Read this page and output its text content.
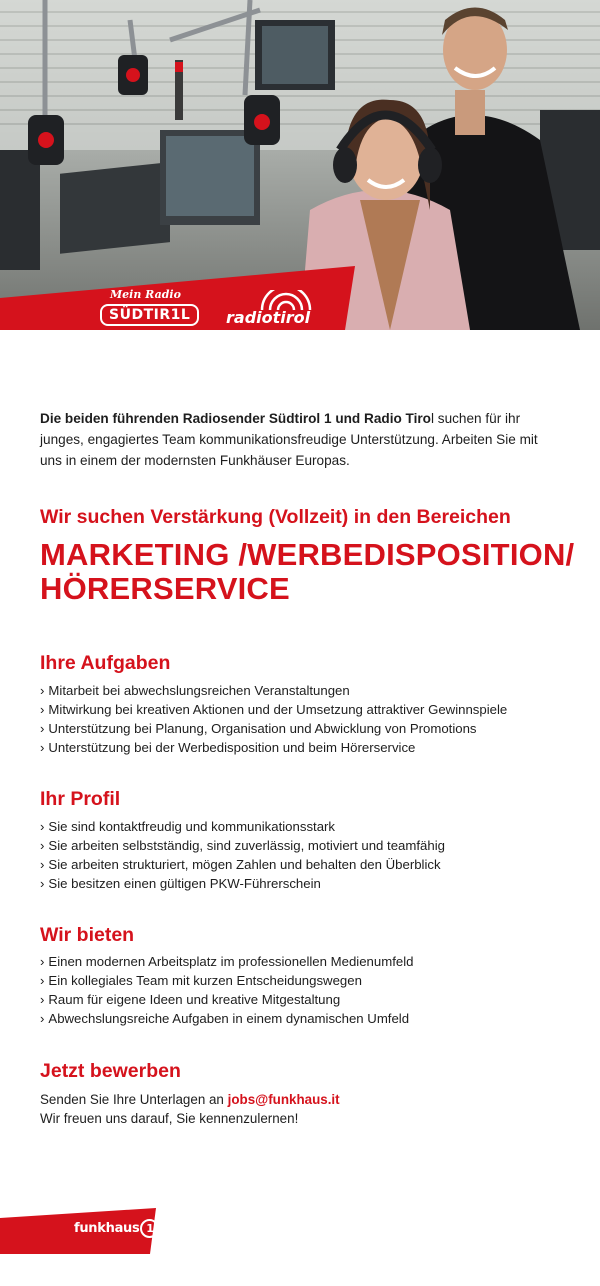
Mein Radio
SÜDTIR1L	radiotirol

Die beiden führenden Radiosender Südtirol 1 und Radio Tirol suchen für ihr junges, engagiertes Team kommunikationsfreudige Unterstützung. Arbeiten Sie mit uns in einem der modernsten Funkhäuser Europas.

Wir suchen Verstärkung (Vollzeit) in den Bereichen
MARKETING /WERBEDISPOSITION/
HÖRERSERVICE
Ihre Aufgaben
› Mitarbeit bei abwechslungsreichen Veranstaltungen
› Mitwirkung bei kreativen Aktionen und der Umsetzung attraktiver Gewinnspiele
› Unterstützung bei Planung, Organisation und Abwicklung von Promotions
› Unterstützung bei der Werbedisposition und beim Hörerservice
Ihr Profil
› Sie sind kontaktfreudig und kommunikationsstark
› Sie arbeiten selbstständig, sind zuverlässig, motiviert und teamfähig
› Sie arbeiten strukturiert, mögen Zahlen und behalten den Überblick
› Sie besitzen einen gültigen PKW-Führerschein
Wir bieten
› Einen modernen Arbeitsplatz im professionellen Medienumfeld
› Ein kollegiales Team mit kurzen Entscheidungswegen
› Raum für eigene Ideen und kreative Mitgestaltung
› Abwechslungsreiche Aufgaben in einem dynamischen Umfeld
Jetzt bewerben
Senden Sie Ihre Unterlagen an jobs@funkhaus.it
Wir freuen uns darauf, Sie kennenzulernen!
funkhaus 1
